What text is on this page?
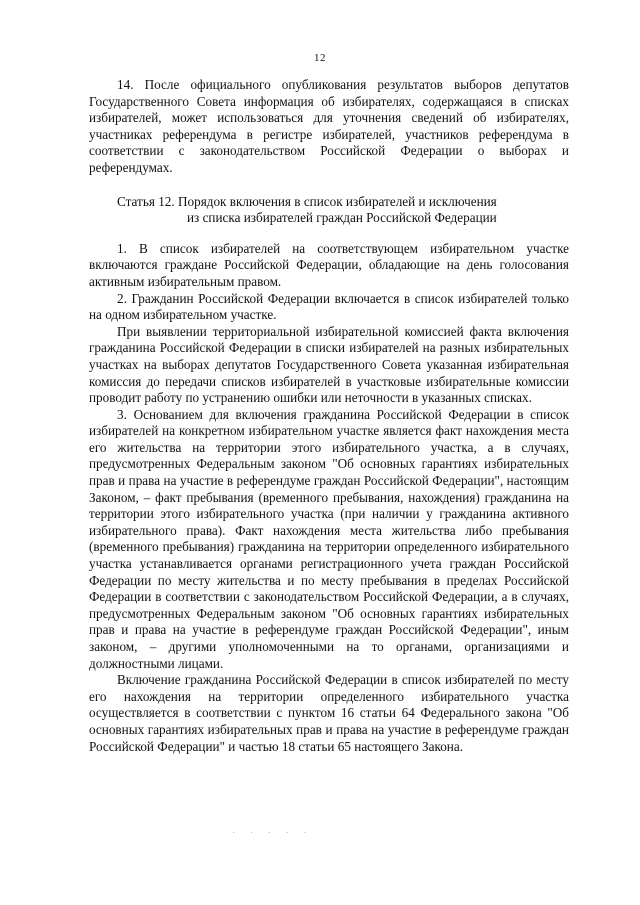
12

14. После официального опубликования результатов выборов депутатов Государственного Совета информация об избирателях, содержащаяся в списках избирателей, может использоваться для уточнения сведений об избирателях, участниках референдума в регистре избирателей, участников референдума в соответствии с законодательством Российской Федерации о выборах и референдумах.

Статья 12. Порядок включения в список избирателей и исключения
из списка избирателей граждан Российской Федерации

1. В список избирателей на соответствующем избирательном участке включаются граждане Российской Федерации, обладающие на день голосования активным избирательным правом.

2. Гражданин Российской Федерации включается в список избирателей только на одном избирательном участке.

При выявлении территориальной избирательной комиссией факта включения гражданина Российской Федерации в списки избирателей на разных избирательных участках на выборах депутатов Государственного Совета указанная избирательная комиссия до передачи списков избирателей в участковые избирательные комиссии проводит работу по устранению ошибки или неточности в указанных списках.

3. Основанием для включения гражданина Российской Федерации в список избирателей на конкретном избирательном участке является факт нахождения места его жительства на территории этого избирательного участка, а в случаях, предусмотренных Федеральным законом "Об основных гарантиях избирательных прав и права на участие в референдуме граждан Российской Федерации", настоящим Законом, – факт пребывания (временного пребывания, нахождения) гражданина на территории этого избирательного участка (при наличии у гражданина активного избирательного права). Факт нахождения места жительства либо пребывания (временного пребывания) гражданина на территории определенного избирательного участка устанавливается органами регистрационного учета граждан Российской Федерации по месту жительства и по месту пребывания в пределах Российской Федерации в соответствии с законодательством Российской Федерации, а в случаях, предусмотренных Федеральным законом "Об основных гарантиях избирательных прав и права на участие в референдуме граждан Российской Федерации", иным законом, – другими уполномоченными на то органами, организациями и должностными лицами.

Включение гражданина Российской Федерации в список избирателей по месту его нахождения на территории определенного избирательного участка осуществляется в соответствии с пунктом 16 статьи 64 Федерального закона "Об основных гарантиях избирательных прав и права на участие в референдуме граждан Российской Федерации" и частью 18 статьи 65 настоящего Закона.

· · · · ·
